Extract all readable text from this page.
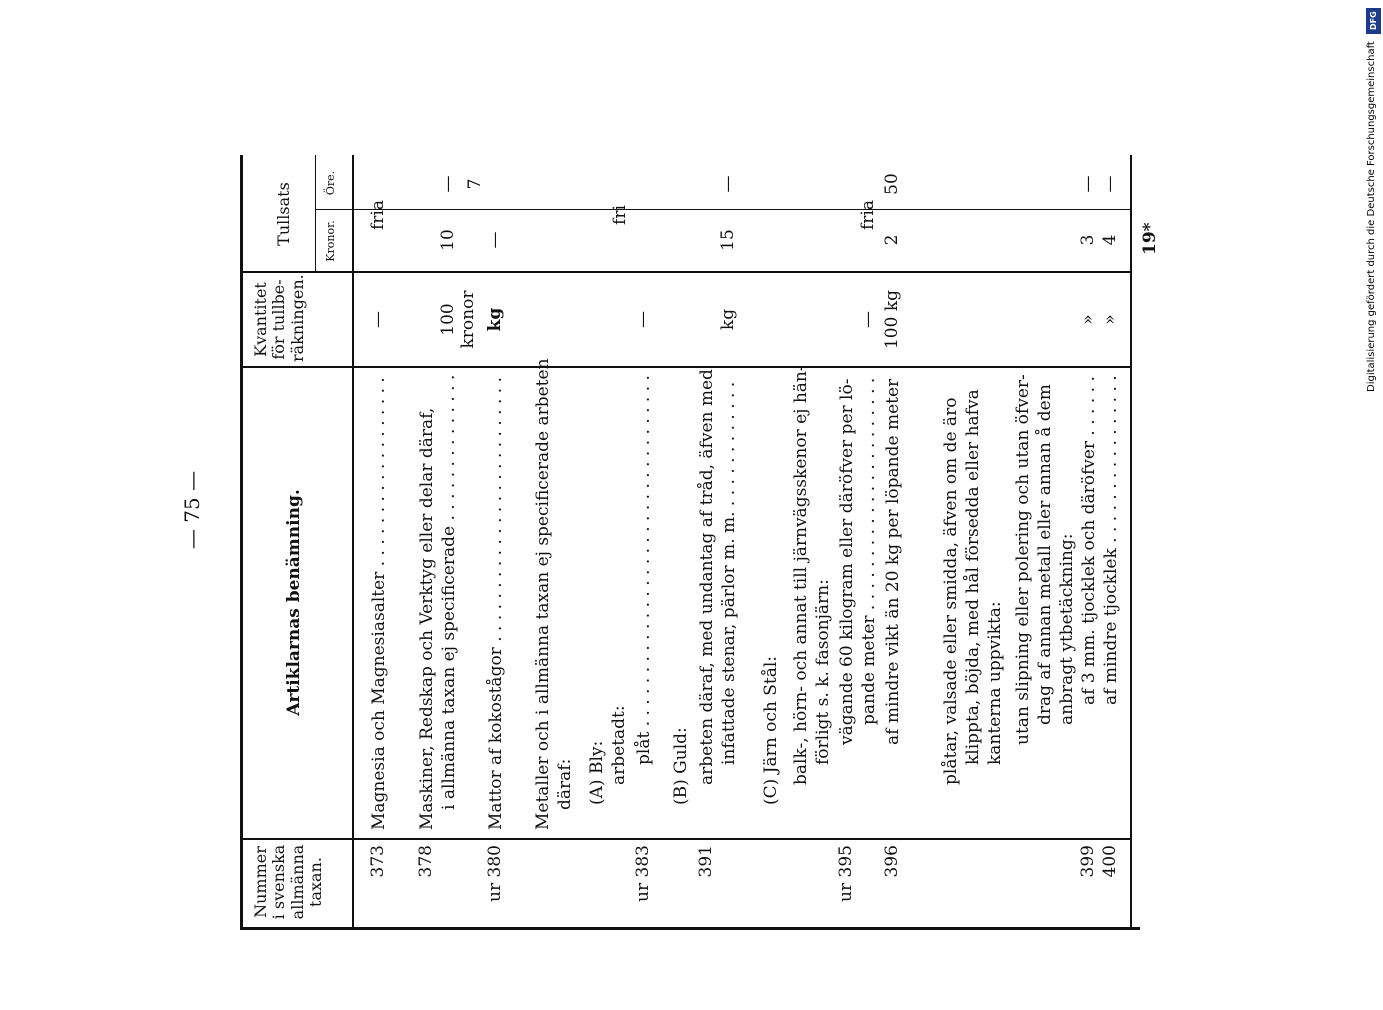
— 75 —
Nummer i svenska allmänna taxan.
Artiklarnas benämning.
Kvantitet för tullbe-räkningen.
Tullsats	Kronor.
Öre.
373
Magnesia och Magnesiasalter . . .
—
fria
378
Maskiner, Redskap och Verktyg eller delar däraf, i allmänna taxan ej specificerade . . .
100 kronor
10
—
ur 380
Mattor af kokostågor . . .
kg
—
7
Metaller och i allmänna taxan ej specificerade arbeten däraf: (A) Bly: arbetadt:
ur 383
plåt . . .
—
fri
(B) Guld:
391
arbeten däraf, med undantag af tråd, äfven med infattade stenar, pärlor m. m. . . .
kg
15
—
(C) Järn och Stål: balk-, hörn- och annat till järnvägsskenor ej hän- förligt s. k. fasonjärn:
ur 395
vägande 60 kilogram eller däröfver per lö- pande meter . . .
—
fria
396
af mindre vikt än 20 kg per löpande meter
100 kg
2
50
plåtar, valsade eller smidda, äfven om de äro klippta, böjda, med hål försedda eller hafva kanterna uppvikta: utan slipning eller polering och utan öfver- drag af annan metall eller annan å dem anbragt ytbetäckning:
399
af 3 mm. tjocklek och däröfver . . .
»
3
—
400
af mindre tjocklek . . .
»
4
—
19*
DFG
Digitalisierung gefördert durch die Deutsche Forschungsgemeinschaft
